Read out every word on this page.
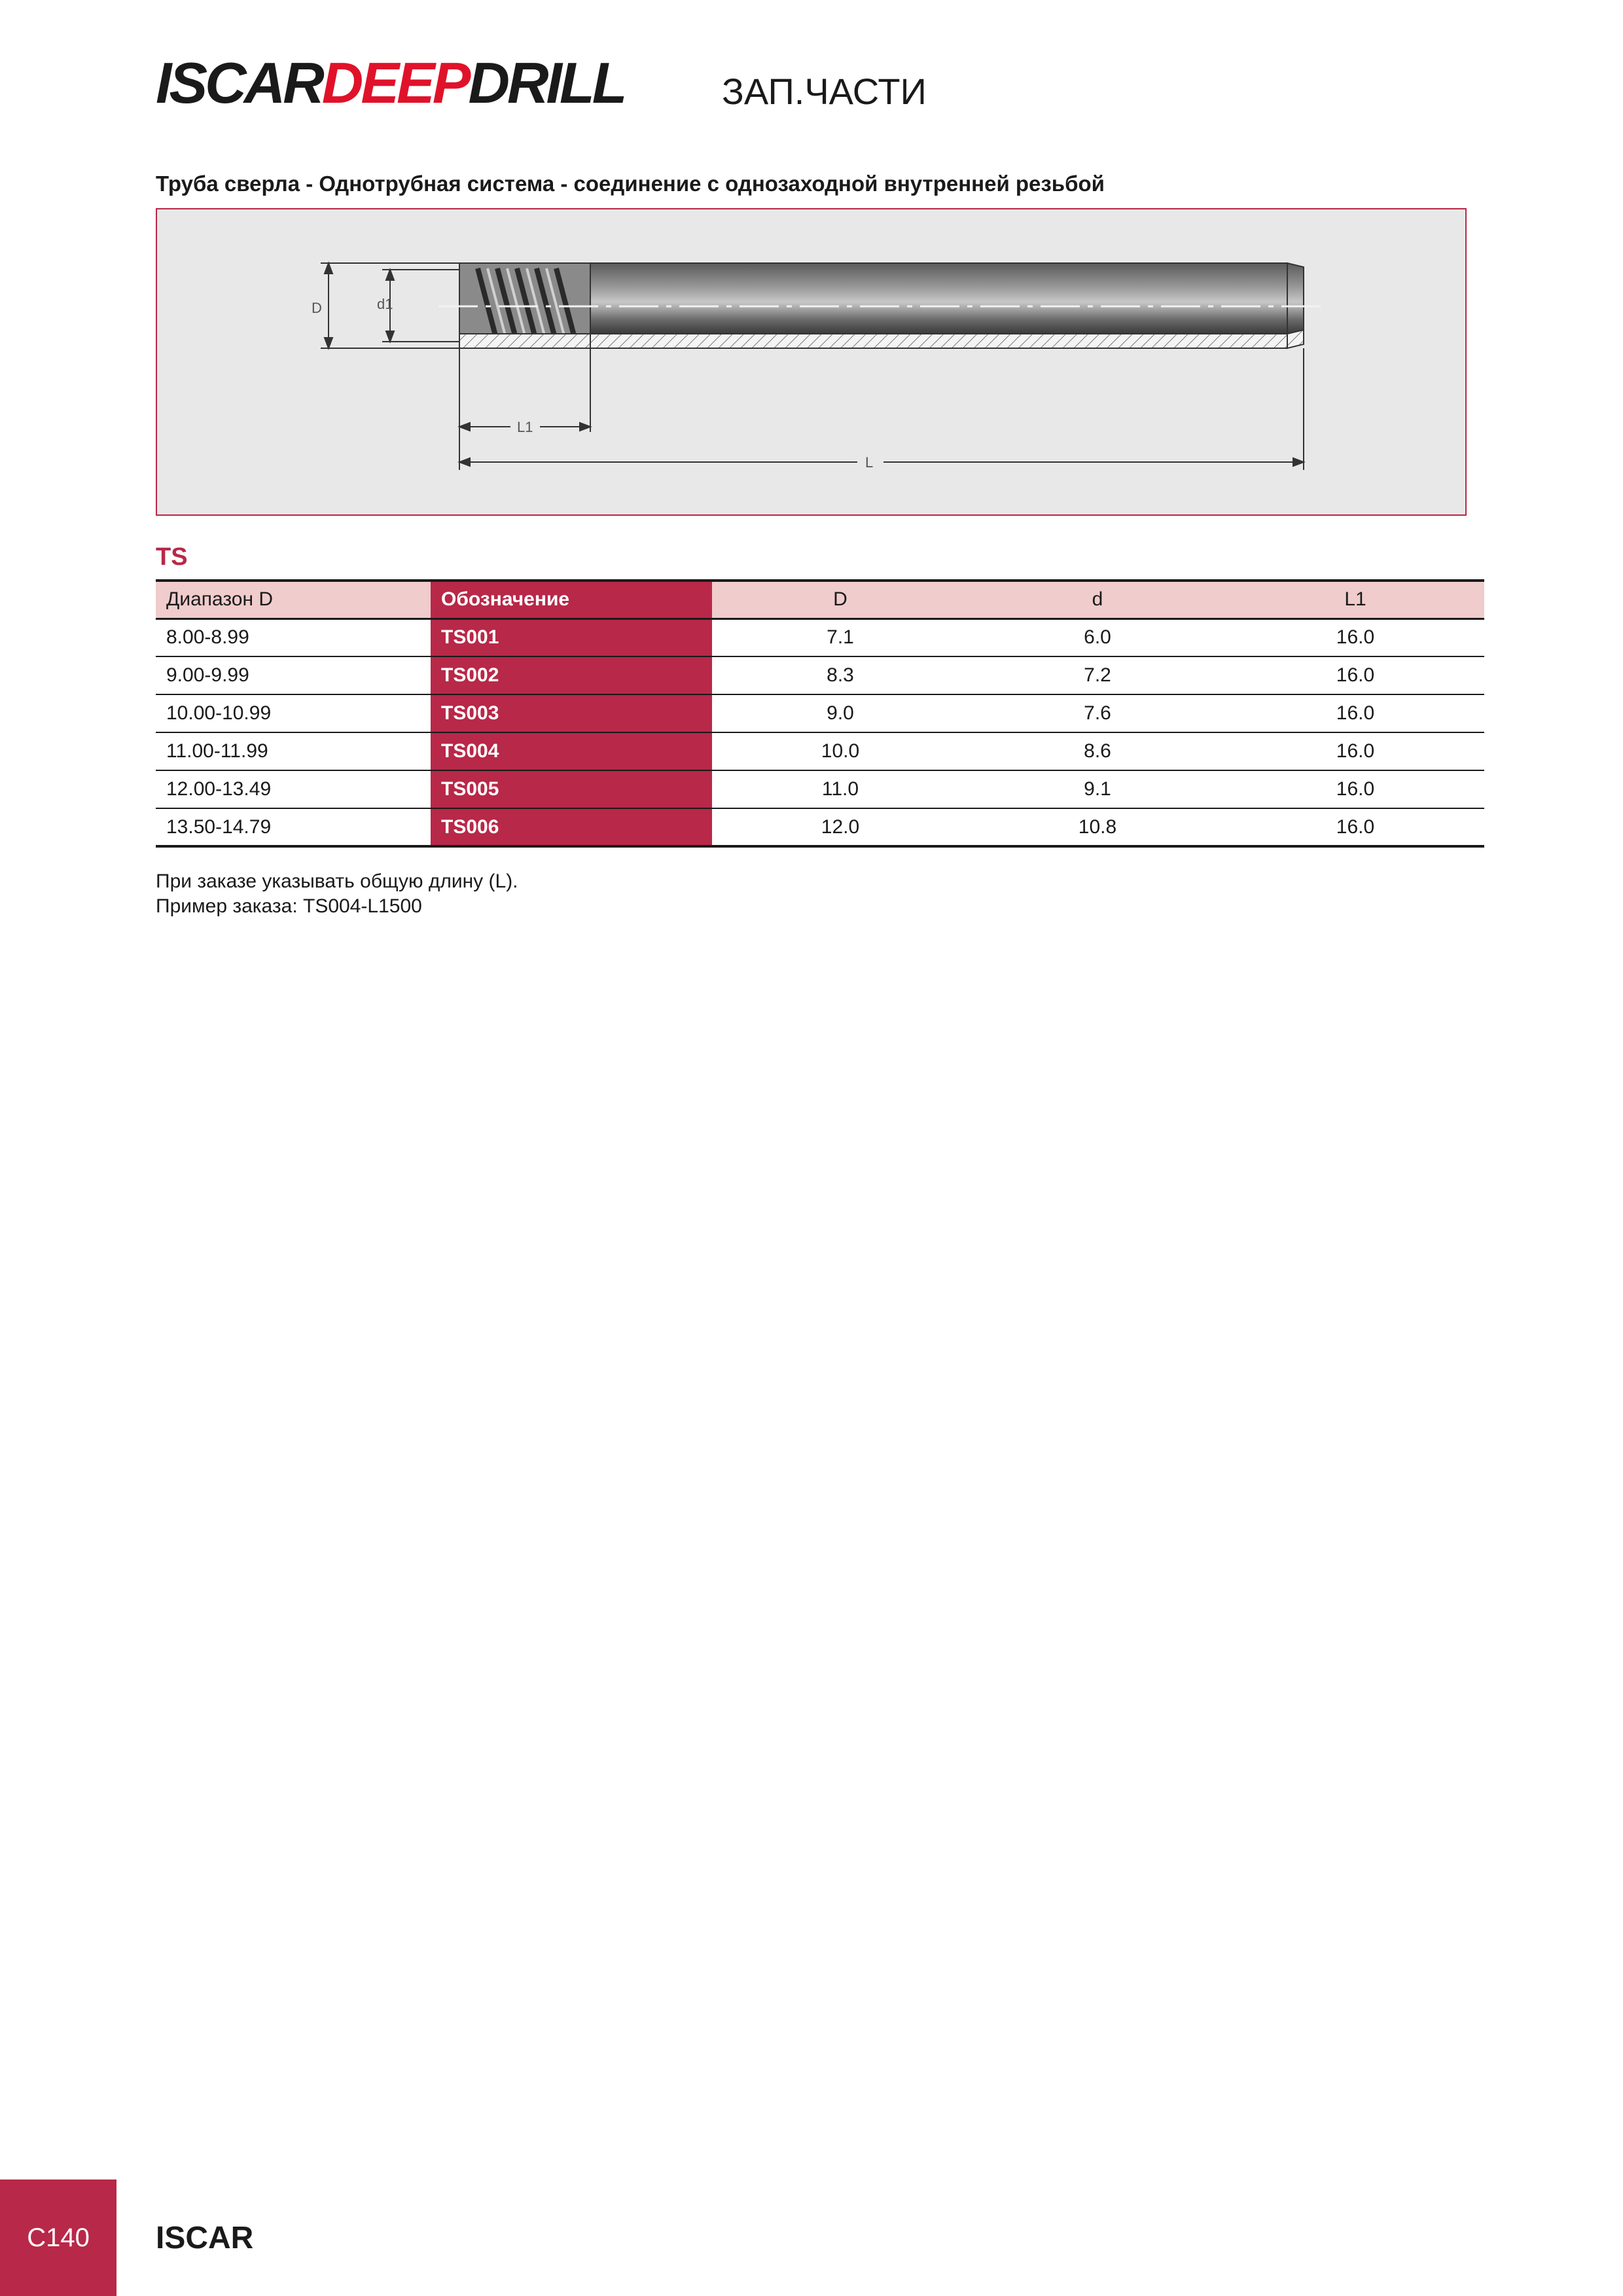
ISCARDEEPDRILL	ЗАП.ЧАСТИ
Труба сверла - Однотрубная система - соединение с однозаходной внутренней резьбой
D	d1
L1
L
TS
Диапазон D	Обозначение	D	d	L1
8.00-8.99	TS001	7.1	6.0	16.0
9.00-9.99	TS002	8.3	7.2	16.0
10.00-10.99	TS003	9.0	7.6	16.0
11.00-11.99	TS004	10.0	8.6	16.0
12.00-13.49	TS005	11.0	9.1	16.0
13.50-14.79	TS006	12.0	10.8	16.0
При заказе указывать общую длину (L).
Пример заказа: TS004-L1500
C140	ISCAR
